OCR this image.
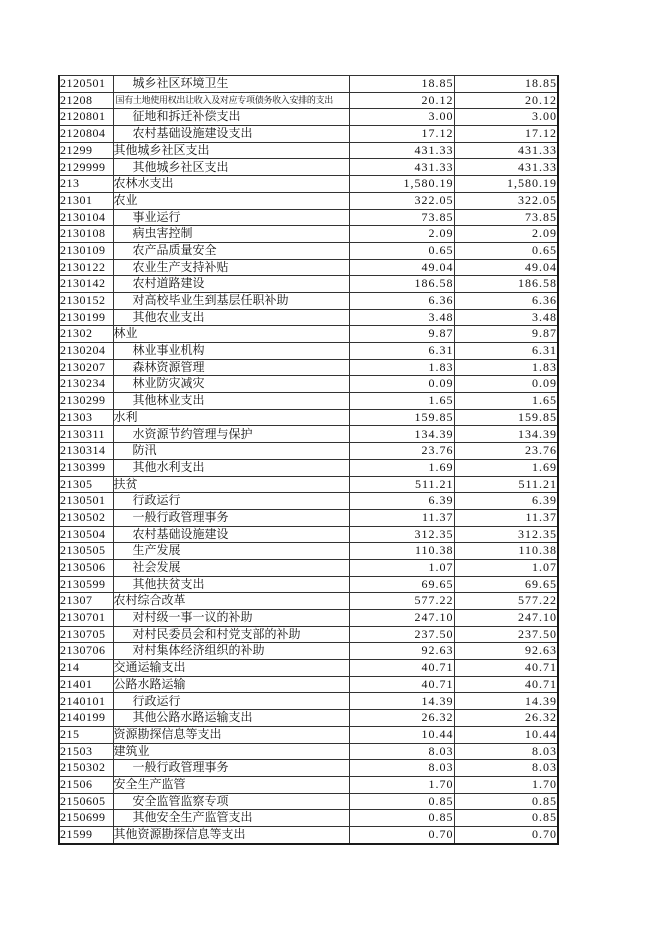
2120501	城乡社区环境卫生	18.85	18.85
21208	国有土地使用权出让收入及对应专项债务收入安排的支出	20.12	20.12
2120801	征地和拆迁补偿支出	3.00	3.00
2120804	农村基础设施建设支出	17.12	17.12
21299	其他城乡社区支出	431.33	431.33
2129999	其他城乡社区支出	431.33	431.33
213	农林水支出	1,580.19	1,580.19
21301	农业	322.05	322.05
2130104	事业运行	73.85	73.85
2130108	病虫害控制	2.09	2.09
2130109	农产品质量安全	0.65	0.65
2130122	农业生产支持补贴	49.04	49.04
2130142	农村道路建设	186.58	186.58
2130152	对高校毕业生到基层任职补助	6.36	6.36
2130199	其他农业支出	3.48	3.48
21302	林业	9.87	9.87
2130204	林业事业机构	6.31	6.31
2130207	森林资源管理	1.83	1.83
2130234	林业防灾减灾	0.09	0.09
2130299	其他林业支出	1.65	1.65
21303	水利	159.85	159.85
2130311	水资源节约管理与保护	134.39	134.39
2130314	防汛	23.76	23.76
2130399	其他水利支出	1.69	1.69
21305	扶贫	511.21	511.21
2130501	行政运行	6.39	6.39
2130502	一般行政管理事务	11.37	11.37
2130504	农村基础设施建设	312.35	312.35
2130505	生产发展	110.38	110.38
2130506	社会发展	1.07	1.07
2130599	其他扶贫支出	69.65	69.65
21307	农村综合改革	577.22	577.22
2130701	对村级一事一议的补助	247.10	247.10
2130705	对村民委员会和村党支部的补助	237.50	237.50
2130706	对村集体经济组织的补助	92.63	92.63
214	交通运输支出	40.71	40.71
21401	公路水路运输	40.71	40.71
2140101	行政运行	14.39	14.39
2140199	其他公路水路运输支出	26.32	26.32
215	资源勘探信息等支出	10.44	10.44
21503	建筑业	8.03	8.03
2150302	一般行政管理事务	8.03	8.03
21506	安全生产监管	1.70	1.70
2150605	安全监管监察专项	0.85	0.85
2150699	其他安全生产监管支出	0.85	0.85
21599	其他资源勘探信息等支出	0.70	0.70
